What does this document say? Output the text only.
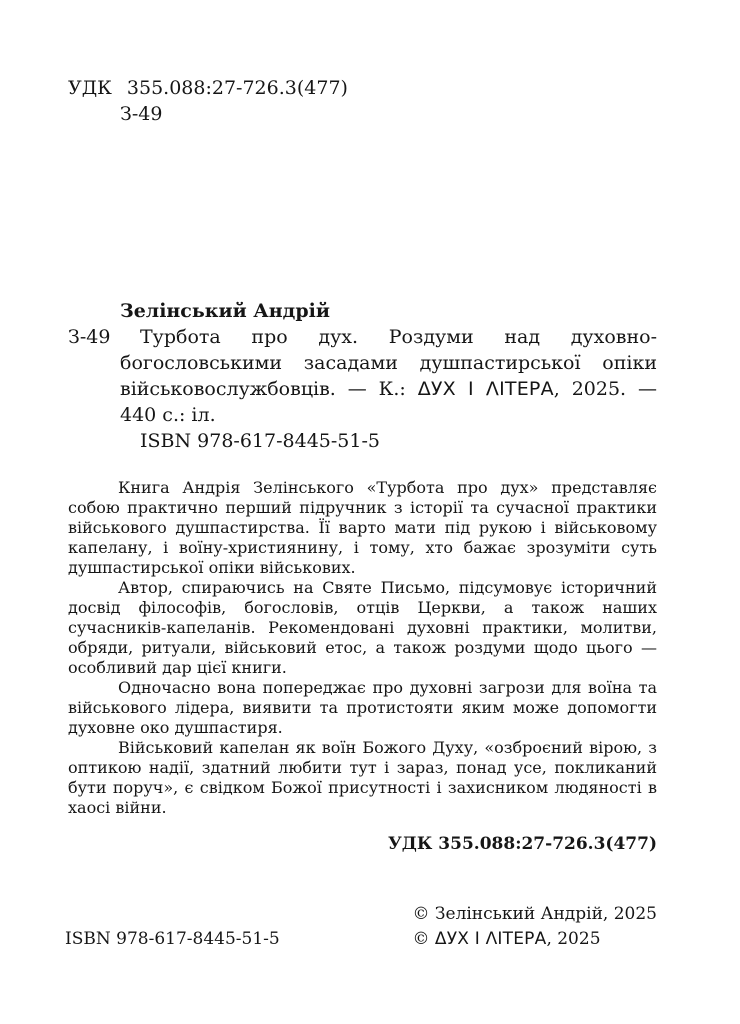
УДК 355.088:27-726.3(477)
З-49
Зелінський Андрій

З-49 Турбота про дух. Роздуми над духовно-богословськими засадами душпастирської опіки військовослужбовців. — К.: ΔУХ І ΛІТЕРА, 2025. — 440 с.: іл.

ISBN 978-617-8445-51-5

Книга Андрія Зелінського «Турбота про дух» представляє собою практично перший підручник з історії та сучасної практики військового душпастирства. Її варто мати під рукою і військовому капелану, і воїну-християнину, і тому, хто бажає зрозуміти суть душпастирської опіки військових.

Автор, спираючись на Святе Письмо, підсумовує історичний досвід філософів, богословів, отців Церкви, а також наших сучасників-капеланів. Рекомендовані духовні практики, молитви, обряди, ритуали, військовий етос, а також роздуми щодо цього — особливий дар цієї книги.

Одночасно вона попереджає про духовні загрози для воїна та військового лідера, виявити та протистояти яким може допомогти духовне око душпастиря.

Військовий капелан як воїн Божого Духу, «озброєний вірою, з оптикою надії, здатний любити тут і зараз, понад усе, покликаний бути поруч», є свідком Божої присутності і захисником людяності в хаосі війни.

УДК 355.088:27-726.3(477)
ISBN 978-617-8445-51-5
© Зелінський Андрій, 2025
© ΔУХ І ΛІТЕРА, 2025
